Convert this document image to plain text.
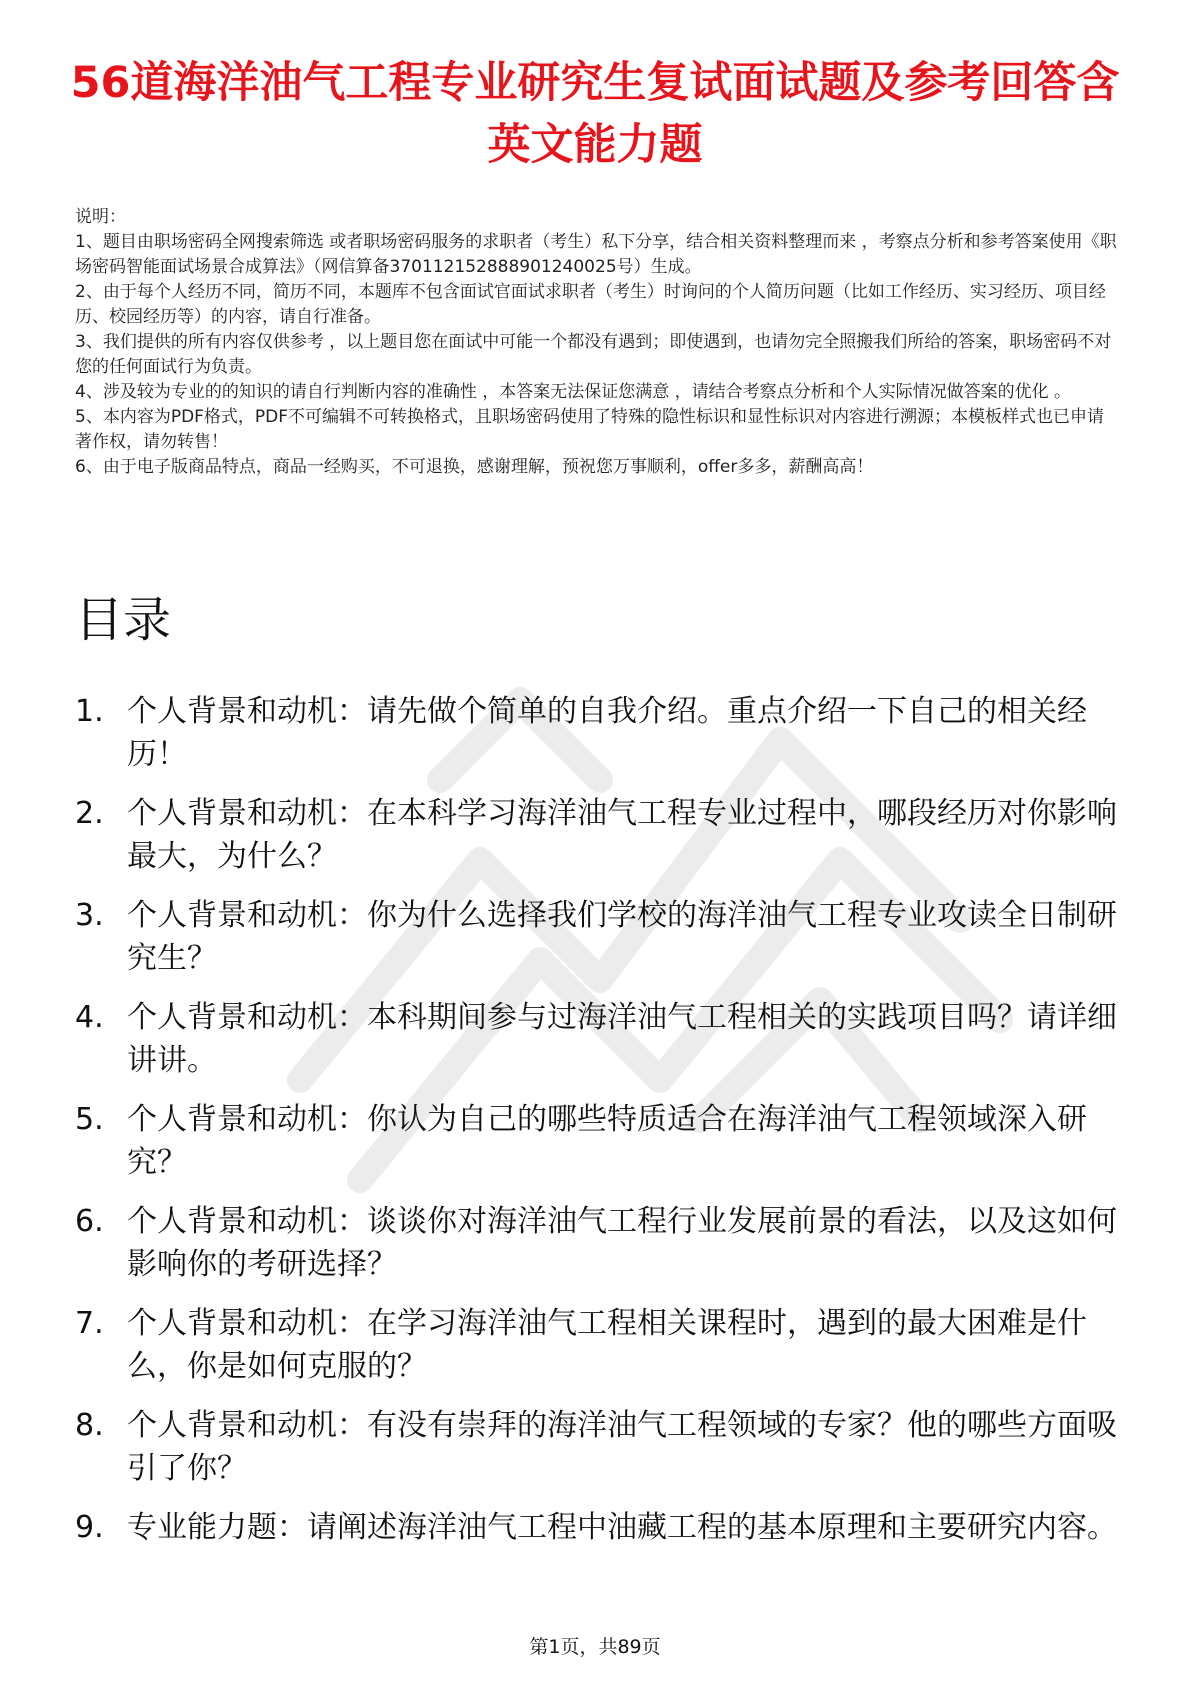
56道海洋油气工程专业研究生复试面试题及参考回答含英文能力题

说明：

1、题目由职场密码全网搜索筛选 或者职场密码服务的求职者（考生）私下分享，结合相关资料整理而来 ，考察点分析和参考答案使用《职场密码智能面试场景合成算法》（网信算备370112152888901240025号）生成。

2、由于每个人经历不同，简历不同，本题库不包含面试官面试求职者（考生）时询问的个人简历问题（比如工作经历、实习经历、项目经历、校园经历等）的内容，请自行准备。

3、我们提供的所有内容仅供参考 ，以上题目您在面试中可能一个都没有遇到；即使遇到，也请勿完全照搬我们所给的答案，职场密码不对您的任何面试行为负责。

4、涉及较为专业的的知识的请自行判断内容的准确性 ，本答案无法保证您满意 ，请结合考察点分析和个人实际情况做答案的优化 。

5、本内容为PDF格式，PDF不可编辑不可转换格式，且职场密码使用了特殊的隐性标识和显性标识对内容进行溯源；本模板样式也已申请著作权，请勿转售！

6、由于电子版商品特点，商品一经购买，不可退换，感谢理解，预祝您万事顺利，offer多多，薪酬高高！

目录
1. 个人背景和动机：请先做个简单的自我介绍。重点介绍一下自己的相关经历！
2. 个人背景和动机：在本科学习海洋油气工程专业过程中，哪段经历对你影响最大，为什么？
3. 个人背景和动机：你为什么选择我们学校的海洋油气工程专业攻读全日制研究生？
4. 个人背景和动机：本科期间参与过海洋油气工程相关的实践项目吗？请详细讲讲。
5. 个人背景和动机：你认为自己的哪些特质适合在海洋油气工程领域深入研究？
6. 个人背景和动机：谈谈你对海洋油气工程行业发展前景的看法，以及这如何影响你的考研选择？
7. 个人背景和动机：在学习海洋油气工程相关课程时，遇到的最大困难是什么，你是如何克服的？
8. 个人背景和动机：有没有崇拜的海洋油气工程领域的专家？他的哪些方面吸引了你？
9. 专业能力题：请阐述海洋油气工程中油藏工程的基本原理和主要研究内容。
第1页，共89页
